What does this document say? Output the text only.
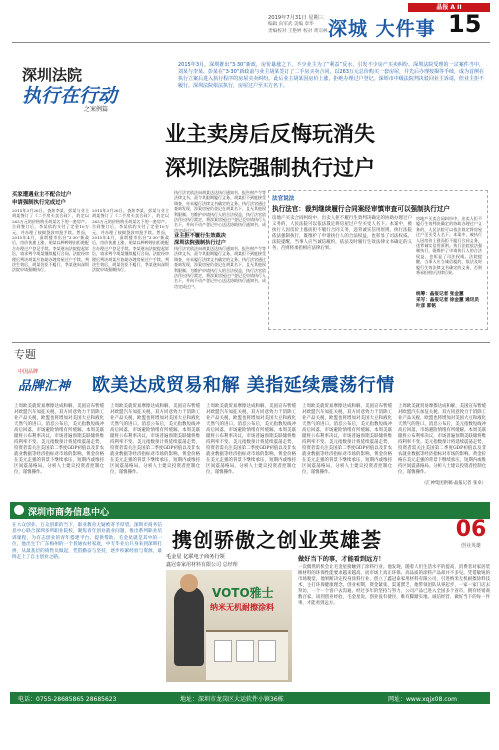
晶报 A II
2019年7月31日 星期三
编辑 向军武 美编 章华
责编校对 王艳婷 校对 黄宗林 深城 大件事 15
深圳法院
执行在行动
之案例篇
2015年3月，深圳推出“3·30”新政，房价暴涨之下，不少业主为了“利益”反水，引发不少房产买卖纠纷。深圳法院受理的一宗案件当中，刘某与李某、彭某在“3·30”新政前与业主胡某签订了二手房买卖合同，以263万元总价购买一套房屋，并先后办理按揭等手续，成为首例在执行立案后进入执行程序的房屋买卖纠纷。此后业主胡某因房价上涨，拒绝办理过户登记。深圳市中级法院判决驳回业主诉请，但业主拒不履行。深圳法院依法执行，房屋过户至买方名下。
业主卖房后反悔玩消失
深圳法院强制执行过户
买家遭遇业主不配合过户
申请强制执行完成过户
2015年3月26日，查炫李某、彭某与业主胡某签订了《二手房买卖合同》，约定以263万元的价格购买胡某名下的一套房产。合同签订后，李某依约支付了定金10万元，并办理了按揭贷款审批手续。然而，2015年4月，深圳楼市出台“3·30”新政后，房价快速上涨，胡某以种种理由拒绝配合办理过户登记手续。李某遂向法院提起诉讼，请求判令胡某继续履行合同。法院经审理后判决胡某应协助办理房屋过户手续。判决生效后，胡某仍拒不履行，李某遂向深圳法院申请强制执行。
2015年3月26日，查炫李某、彭某与业主胡某签订了《二手房买卖合同》，约定以263万元的价格购买胡某名下的一套房产。合同签订后，李某依约支付了定金10万元，并办理了按揭贷款审批手续。然而，2015年4月，深圳楼市出台“3·30”新政后，房价快速上涨，胡某以种种理由拒绝配合办理过户登记手续。李某遂向法院提起诉讼，请求判令胡某继续履行合同。法院经审理后判决胡某应协助办理房屋过户手续。判决生效后，胡某仍拒不履行，李某遂向深圳法院申请强制执行。
执行法官依法向胡某送达执行通知书、报告财产令等法律文书，责令其限期履行义务。胡某拒不到庭接受调查，亦未履行法律文书确定的义务。执行法官通过查询发现，涉案房屋仍登记在胡某名下，且无其他权利限制。为维护申请执行人的合法权益，执行法官依法作出执行裁定，将涉案房屋过户登记至申请执行人名下，并向不动产登记中心送达协助执行通知书，成功完成过户。
业主拒不履行生效裁决
深圳法院强制执行过户
执行法官依法向胡某送达执行通知书、报告财产令等法律文书，责令其限期履行义务。胡某拒不到庭接受调查，亦未履行法律文书确定的义务。执行法官通过查询发现，涉案房屋仍登记在胡某名下，且无其他权利限制。为维护申请执行人的合法权益，执行法官依法作出执行裁定，将涉案房屋过户登记至申请执行人名下，并向不动产登记中心送达协助执行通知书，成功完成过户。
法官说法
执行法官：裁判继续履行合同案经审慎审查可以强制执行过户
房地产买卖合同纠纷中，出卖人拒不履行生效判决确定的协助办理过户义务的，人民法院可以依法裁定将房屋过户至买受人名下。本案中，被执行人因房价上涨而拒不履行合同义务，违背诚实信用原则。执行法院依法强制执行，既维护了申请执行人的合法权益，也彰显了司法权威。法院提醒，当事人应当诚信履约，依法及时履行生效法律文书确定的义务，否则将承担相应法律后果。
房地产买卖合同纠纷中，出卖人拒不履行生效判决确定的协助办理过户义务的，人民法院可以依法裁定将房屋过户至买受人名下。本案中，被执行人因房价上涨而拒不履行合同义务，违背诚实信用原则。执行法院依法强制执行，既维护了申请执行人的合法权益，也彰显了司法权威。法院提醒，当事人应当诚信履约，依法及时履行生效法律文书确定的义务，否则将承担相应法律后果。
统筹：晶报记者 张金蕙
采写：晶报记者 徐金蕙 通讯员 叶彦 郭铭
专题
中国品牌
品牌汇神	欧美达成贸易和解 美指延续震荡行情
上周欧美就贸易摩擦达成和解，美国宣布暂缓对欧盟汽车加征关税，双方同意致力于消除工业产品关税，欧盟也将增加对美国大豆和液化天然气的进口。消息公布后，美元指数短线冲高后回落，市场避险情绪有所缓解。本周美联储将公布利率决议，市场普遍预期美联储将维持利率不变。美元指数预计将延续震荡走势，投资者需关注美国第二季度GDP初值以及非农就业数据等经济指标对市场的影响。黄金价格在美元走强的背景下继续承压，短期内或维持区间震荡格局。分析人士建议投资者控制仓位，谨慎操作。
上周欧美就贸易摩擦达成和解，美国宣布暂缓对欧盟汽车加征关税，双方同意致力于消除工业产品关税，欧盟也将增加对美国大豆和液化天然气的进口。消息公布后，美元指数短线冲高后回落，市场避险情绪有所缓解。本周美联储将公布利率决议，市场普遍预期美联储将维持利率不变。美元指数预计将延续震荡走势，投资者需关注美国第二季度GDP初值以及非农就业数据等经济指标对市场的影响。黄金价格在美元走强的背景下继续承压，短期内或维持区间震荡格局。分析人士建议投资者控制仓位，谨慎操作。
上周欧美就贸易摩擦达成和解，美国宣布暂缓对欧盟汽车加征关税，双方同意致力于消除工业产品关税，欧盟也将增加对美国大豆和液化天然气的进口。消息公布后，美元指数短线冲高后回落，市场避险情绪有所缓解。本周美联储将公布利率决议，市场普遍预期美联储将维持利率不变。美元指数预计将延续震荡走势，投资者需关注美国第二季度GDP初值以及非农就业数据等经济指标对市场的影响。黄金价格在美元走强的背景下继续承压，短期内或维持区间震荡格局。分析人士建议投资者控制仓位，谨慎操作。
上周欧美就贸易摩擦达成和解，美国宣布暂缓对欧盟汽车加征关税，双方同意致力于消除工业产品关税，欧盟也将增加对美国大豆和液化天然气的进口。消息公布后，美元指数短线冲高后回落，市场避险情绪有所缓解。本周美联储将公布利率决议，市场普遍预期美联储将维持利率不变。美元指数预计将延续震荡走势，投资者需关注美国第二季度GDP初值以及非农就业数据等经济指标对市场的影响。黄金价格在美元走强的背景下继续承压，短期内或维持区间震荡格局。分析人士建议投资者控制仓位，谨慎操作。
上周欧美就贸易摩擦达成和解，美国宣布暂缓对欧盟汽车加征关税，双方同意致力于消除工业产品关税，欧盟也将增加对美国大豆和液化天然气的进口。消息公布后，美元指数短线冲高后回落，市场避险情绪有所缓解。本周美联储将公布利率决议，市场普遍预期美联储将维持利率不变。美元指数预计将延续震荡走势，投资者需关注美国第二季度GDP初值以及非农就业数据等经济指标对市场的影响。黄金价格在美元走强的背景下继续承压，短期内或维持区间震荡格局。分析人士建议投资者控制仓位，谨慎操作。
（汇神集团供稿·晶报记者 张卓）
深圳市商务信息中心
在大众创业、万众创新的当下，职业教育无疑被寄予厚望。深圳市商务信息中心联合深圳多所职业院校，聚焦青年创业就业问题，推出系列职业培训课程，为有志创业的青年搭建平台、提供帮助。毛金星就是其中的一位，他出生于广东梅州的一个普通农村家庭，中专毕业后只身来到深圳打拼，从最基层的销售员做起，凭借勤奋与坚持，逐步积累经验与资源，最终走上了自主创业之路。
携创骄傲之创业英雄荟	06
创业英雄
毛金星 亿联电子商务行领
鑫冠泰家用材料有限公司 总经理
VOTO雅士
纳米无机耐擦涂料
做好当下的事，才能看到远方！
一次偶然的机会让毛金星接触到了涂料行业。他发现，随着人们生活水平的提高，消费者对家居装修材料的环保性能要求越来越高，而市场上真正环保、高品质的涂料产品却并不多见。凭借敏锐的市场嗅觉，他果断决定投身涂料行业，创立了鑫冠泰家用材料有限公司，引进纳米无机耐擦涂料技术，主打环保健康理念。创业初期，资金紧张、渠道匮乏，他带领团队从零起步，一家一家门店去拜访，一个一个客户去沟通。经过多年的坚持与努力，公司产品已进入全国多个省市，拥有经销商数百家。谈到创业经验，毛金星说，创业没有捷径，唯有脚踏实地、诚信经营，做好当下的每一件事，才能看到远方。
电话：0755-28685865 28685623	地址：深圳市龙岗区大运软件小镇36栋	网址：www.xqjx08.com
